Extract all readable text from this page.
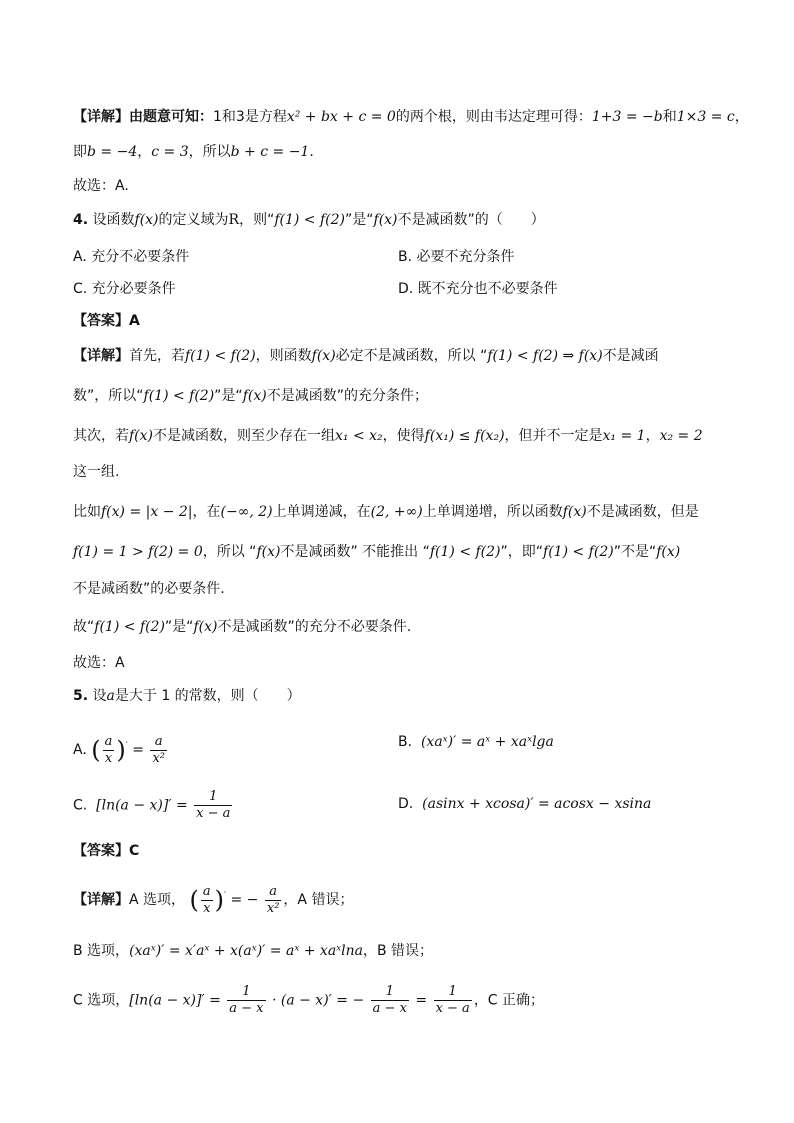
【详解】由题意可知：1和3是方程x² + bx + c = 0的两个根，则由韦达定理可得：1+3 = −b和1×3 = c，
即b = −4，c = 3，所以b + c = −1.
故选：A.
4. 设函数f(x)的定义域为R，则“f(1) < f(2)”是“f(x)不是减函数”的（　　）
A. 充分不必要条件	B. 必要不充分条件
C. 充分必要条件	D. 既不充分也不必要条件
【答案】A
【详解】首先，若f(1) < f(2)，则函数f(x)必定不是减函数，所以 “f(1) < f(2) ⇒ f(x)不是减函
数”，所以“f(1) < f(2)”是“f(x)不是减函数”的充分条件；
其次，若f(x)不是减函数，则至少存在一组x₁ < x₂，使得f(x₁) ≤ f(x₂)，但并不一定是x₁ = 1，x₂ = 2
这一组.
比如f(x) = |x − 2|，在(−∞, 2)上单调递减，在(2, +∞)上单调递增，所以函数f(x)不是减函数，但是
f(1) = 1 > f(2) = 0，所以 “f(x)不是减函数” 不能推出 “f(1) < f(2)”，即“f(1) < f(2)”不是“f(x)
不是减函数”的必要条件.
故“f(1) < f(2)”是“f(x)不是减函数”的充分不必要条件.
故选：A
5. 设a是大于 1 的常数，则（　　）
A. ( $\frac{a}{x} )' = \frac{a}{\text{x²}}$	B. (xaˣ)′ = aˣ + xaˣlga
C. $[\ln(a - x)]' = \frac{1}{x - a}$	D. (asinx + xcosa)′ = acosx − xsina
【答案】C
【详解】A 选项， ( $\frac{a}{x} )'$ = − $\frac{a}{\text{x²}}$ ，A 错误；
B 选项，(xaˣ)′ = x′aˣ + x(aˣ)′ = aˣ + xaˣlna，B 错误；
C 选项，$[\ln(a - x)]' = \frac{1}{a - x} \cdot (a - x)'$ = − $\frac{1}{a - x} = \frac{1}{x - a}$ ，C 正确；
